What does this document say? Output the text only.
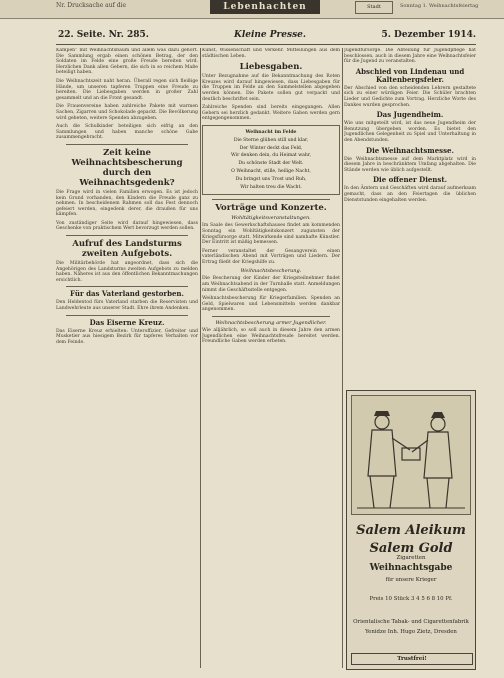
Nr. Drucksache auf die	Lebenhachten	Stadt	Sonntag 1. Weihnachtsfeiertag
22. Seite. Nr. 285.	Kleine Presse.	5. Dezember 1914.

Kampen“ mit Weihnachtsbaum und allem was dazu gehört. Die Sammlung ergab einen schönen Betrag, der den Soldaten im Felde eine große Freude bereiten wird. Herzlichen Dank allen Gebern, die sich in so reichem Maße beteiligt haben.

Die Weihnachtszeit naht heran. Überall regen sich fleißige Hände, um unseren tapferen Truppen eine Freude zu bereiten. Die Liebesgaben werden in großer Zahl gesammelt und an die Front gesandt.

Die Frauenvereine haben zahlreiche Pakete mit warmen Sachen, Zigarren und Schokolade gepackt. Die Bevölkerung wird gebeten, weitere Spenden abzugeben.

Auch die Schulkinder beteiligen sich eifrig an den Sammlungen und haben manche schöne Gabe zusammengebracht.

Zeit keine Weihnachtsbescherung durch den Weihnachtsgedenk?

Die Frage wird in vielen Familien erwogen. Es ist jedoch kein Grund vorhanden, den Kindern die Freude ganz zu nehmen. In bescheidenem Rahmen soll das Fest dennoch gefeiert werden, eingedenk derer, die draußen für uns kämpfen.

Von zuständiger Seite wird darauf hingewiesen, dass Geschenke von praktischem Wert bevorzugt werden sollen.

Aufruf des Landsturms zweiten Aufgebots.

Die Militärbehörde hat angeordnet, dass sich die Angehörigen des Landsturms zweiten Aufgebots zu melden haben. Näheres ist aus den öffentlichen Bekanntmachungen ersichtlich.

Für das Vaterland gestorben.

Den Heldentod fürs Vaterland starben die Reservisten und Landwehrleute aus unserer Stadt. Ehre ihrem Andenken.

Das Eiserne Kreuz.

Das Eiserne Kreuz erhielten: Unteroffizier, Gefreiter und Musketier aus hiesigem Bezirk für tapferes Verhalten vor dem Feinde.

Kunst, Wissenschaft und Verkehr. Mitteilungen aus dem städtischen Leben.

Liebesgaben.

Unter Bezugnahme auf die Bekanntmachung des Roten Kreuzes wird darauf hingewiesen, dass Liebesgaben für die Truppen im Felde an den Sammelstellen abgegeben werden können. Die Pakete sollen gut verpackt und deutlich beschriftet sein.

Zahlreiche Spenden sind bereits eingegangen. Allen Gebern sei herzlich gedankt. Weitere Gaben werden gern entgegengenommen.

Weihnacht im Felde
Die Sterne glühen still und klar,
Der Winter deckt das Feld,
Wir denken dein, du Heimat wahr,
Du schönste Stadt der Welt.
O Weihnacht, stille, heilige Nacht,
Du bringst uns Trost und Ruh,
Wir halten treu die Wacht.
Vorträge und Konzerte.
Wohltätigkeitsveranstaltungen.

Im Saale des Gewerkschaftshauses findet am kommenden Sonntag ein Wohltätigkeitskonzert zugunsten der Kriegsfürsorge statt. Mitwirkende sind namhafte Künstler. Der Eintritt ist mäßig bemessen.

Ferner veranstaltet der Gesangverein einen vaterländischen Abend mit Vorträgen und Liedern. Der Ertrag fließt der Kriegshilfe zu.

Weihnachtsbescherung.

Die Bescherung der Kinder der Kriegsteilnehmer findet am Weihnachtsabend in der Turnhalle statt. Anmeldungen nimmt die Geschäftsstelle entgegen.

Weihnachtsbescherung für Kriegerfamilien. Spenden an Geld, Spielwaren und Lebensmitteln werden dankbar angenommen.

Weihnachtsbescherung armer Jugendlicher.

Wie alljährlich, so soll auch in diesem Jahre den armen Jugendlichen eine Weihnachtsfreude bereitet werden. Freundliche Gaben werden erbeten.

Jugendfürsorge. Die Abteilung für Jugendpflege hat beschlossen, auch in diesem Jahre eine Weihnachtsfeier für die Jugend zu veranstalten.

Abschied von Lindenau und Kaltenbergsfeier.

Der Abschied von den scheidenden Lehrern gestaltete sich zu einer würdigen Feier. Die Schüler brachten Lieder und Gedichte zum Vortrag. Herzliche Worte des Dankes wurden gesprochen.

Das Jugendheim.

Wie uns mitgeteilt wird, ist das neue Jugendheim der Benutzung übergeben worden. Es bietet den Jugendlichen Gelegenheit zu Spiel und Unterhaltung in den Abendstunden.

Die Weihnachtsmesse.

Die Weihnachtsmesse auf dem Marktplatz wird in diesem Jahre in beschränktem Umfang abgehalten. Die Stände werden wie üblich aufgestellt.

Die offener Dienst.

In den Ämtern und Geschäften wird darauf aufmerksam gemacht, dass an den Feiertagen die üblichen Dienststunden eingehalten werden.

Salem Aleikum
Salem Gold
Zigaretten
Weihnachtsgabe
für unsere Krieger
Preis 10 Stück 3 4 5 6 8 10 Pf.
Orientalische Tabak- und Cigarettenfabrik
Yenidze Inh. Hugo Zietz, Dresden
Trustfrei!
